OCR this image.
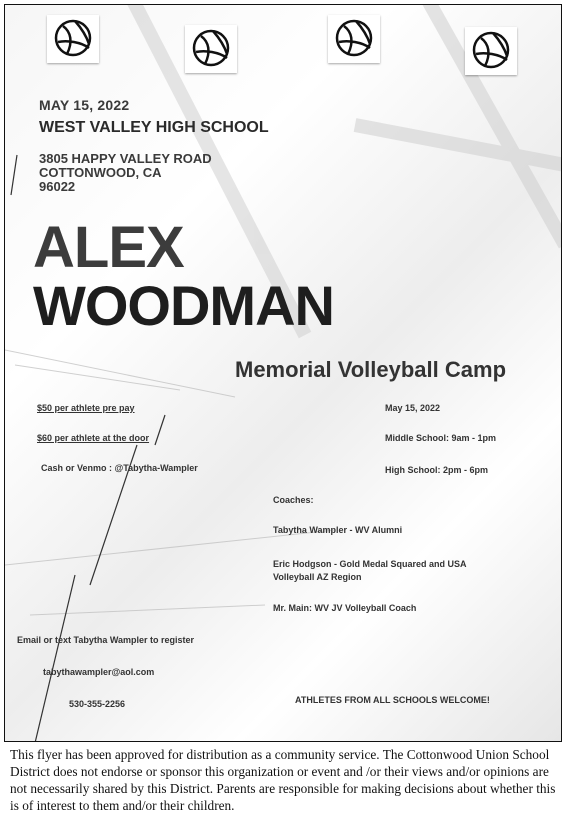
MAY 15, 2022
WEST VALLEY HIGH SCHOOL
3805 HAPPY VALLEY ROAD
COTTONWOOD, CA
96022
ALEX
WOODMAN
Memorial Volleyball Camp
$50 per athlete pre pay
$60 per athlete at the door
Cash or Venmo : @Tabytha-Wampler
May 15, 2022
Middle School: 9am - 1pm
High School: 2pm - 6pm
Coaches:
Tabytha Wampler - WV Alumni
Eric Hodgson - Gold Medal Squared and USA
Volleyball AZ Region
Mr. Main: WV JV Volleyball Coach
Email or text Tabytha Wampler to register
tabythawampler@aol.com
530-355-2256	ATHLETES FROM ALL SCHOOLS WELCOME!
This flyer has been approved for distribution as a community service. The Cottonwood Union School District does not endorse or sponsor this organization or event and /or their views and/or opinions are not necessarily shared by this District. Parents are responsible for making decisions about whether this is of interest to them and/or their children.
